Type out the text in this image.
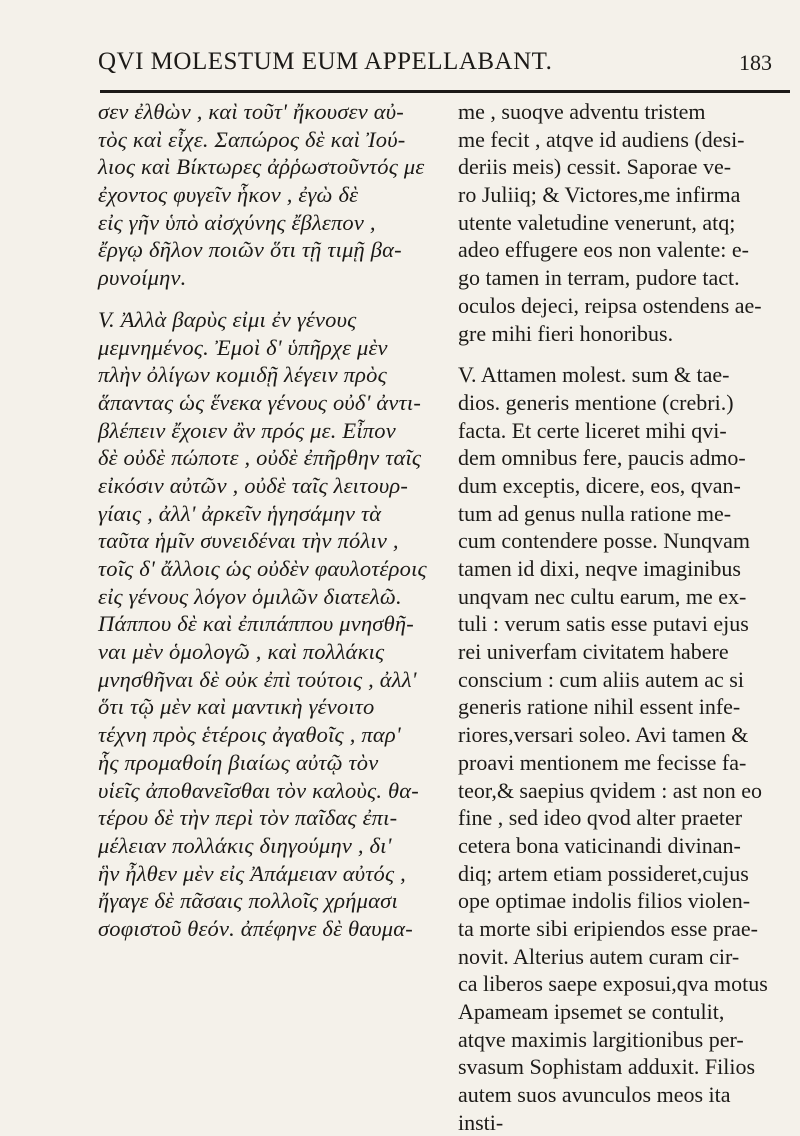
QVI MOLESTUM EUM APPELLABANT.	183
σεν ἐλθὼν , καὶ τοῦτ' ἤκουσεν αὐ-
τὸς καὶ εἶχε. Σαπώρος δὲ καὶ Ἰού-
λιος καὶ Βίκτωρες ἀῤῥωστοῦντός με
ἐχοντος φυγεῖν ἧκον , ἐγὼ δὲ
εἰς γῆν ὑπὸ αἰσχύνης ἔβλεπον ,
ἔργῳ δῆλον ποιῶν ὅτι τῇ τιμῇ βα-
ρυνοίμην.
V. Ἀλλὰ βαρὺς εἰμι ἐν γένους
μεμνημένος. Ἐμοὶ δ' ὑπῆρχε μὲν
πλὴν ὀλίγων κομιδῇ λέγειν πρὸς
ἅπαντας ὡς ἕνεκα γένους οὐδ' ἀντι-
βλέπειν ἔχοιεν ἂν πρός με. Εἶπον
δὲ οὐδὲ πώποτε , οὐδὲ ἐπῆρθην ταῖς
εἰκόσιν αὐτῶν , οὐδὲ ταῖς λειτουρ-
γίαις , ἀλλ' ἀρκεῖν ἡγησάμην τὰ
ταῦτα ἡμῖν συνειδέναι τὴν πόλιν ,
τοῖς δ' ἄλλοις ὡς οὐδὲν φαυλοτέροις
εἰς γένους λόγον ὁμιλῶν διατελῶ.
Πάππου δὲ καὶ ἐπιπάππου μνησθῆ-
ναι μὲν ὁμολογῶ , καὶ πολλάκις
μνησθῆναι δὲ οὐκ ἐπὶ τούτοις , ἀλλ'
ὅτι τῷ μὲν καὶ μαντικὴ γένοιτο
τέχνη πρὸς ἑτέροις ἀγαθοῖς , παρ'
ἧς προμαθοίη βιαίως αὐτῷ τὸν
υἱεῖς ἀποθανεῖσθαι τὸν καλοὺς. θα-
τέρου δὲ τὴν περὶ τὸν παῖδας ἐπι-
μέλειαν πολλάκις διηγούμην , δι'
ἣν ἦλθεν μὲν εἰς Ἀπάμειαν αὐτός ,
ἤγαγε δὲ πᾶσαις πολλοῖς χρήμασι
σοφιστοῦ θεόν. ἀπέφηνε δὲ θαυμα-
me , suoqve adventu tristem
me fecit , atqve id audiens (desi-
deriis meis) cessit. Saporae ve-
ro Juliiq; & Victores,me infirma
utente valetudine venerunt, atq;
adeo effugere eos non valente: e-
go tamen in terram, pudore tact.
oculos dejeci, reipsa ostendens ae-
gre mihi fieri honoribus.
V. Attamen molest. sum & tae-
dios. generis mentione (crebri.)
facta. Et certe liceret mihi qvi-
dem omnibus fere, paucis admo-
dum exceptis, dicere, eos, qvan-
tum ad genus nulla ratione me-
cum contendere posse. Nunqvam
tamen id dixi, neqve imaginibus
unqvam nec cultu earum, me ex-
tuli : verum satis esse putavi ejus
rei univerfam civitatem habere
conscium : cum aliis autem ac si
generis ratione nihil essent infe-
riores,versari soleo. Avi tamen &
proavi mentionem me fecisse fa-
teor,& saepius qvidem : ast non eo
fine , sed ideo qvod alter praeter
cetera bona vaticinandi divinan-
diq; artem etiam possideret,cujus
ope optimae indolis filios violen-
ta morte sibi eripiendos esse prae-
novit. Alterius autem curam cir-
ca liberos saepe exposui,qva motus
Apameam ipsemet se contulit,
atqve maximis largitionibus per-
svasum Sophistam adduxit. Filios
autem suos avunculos meos ita
insti-
